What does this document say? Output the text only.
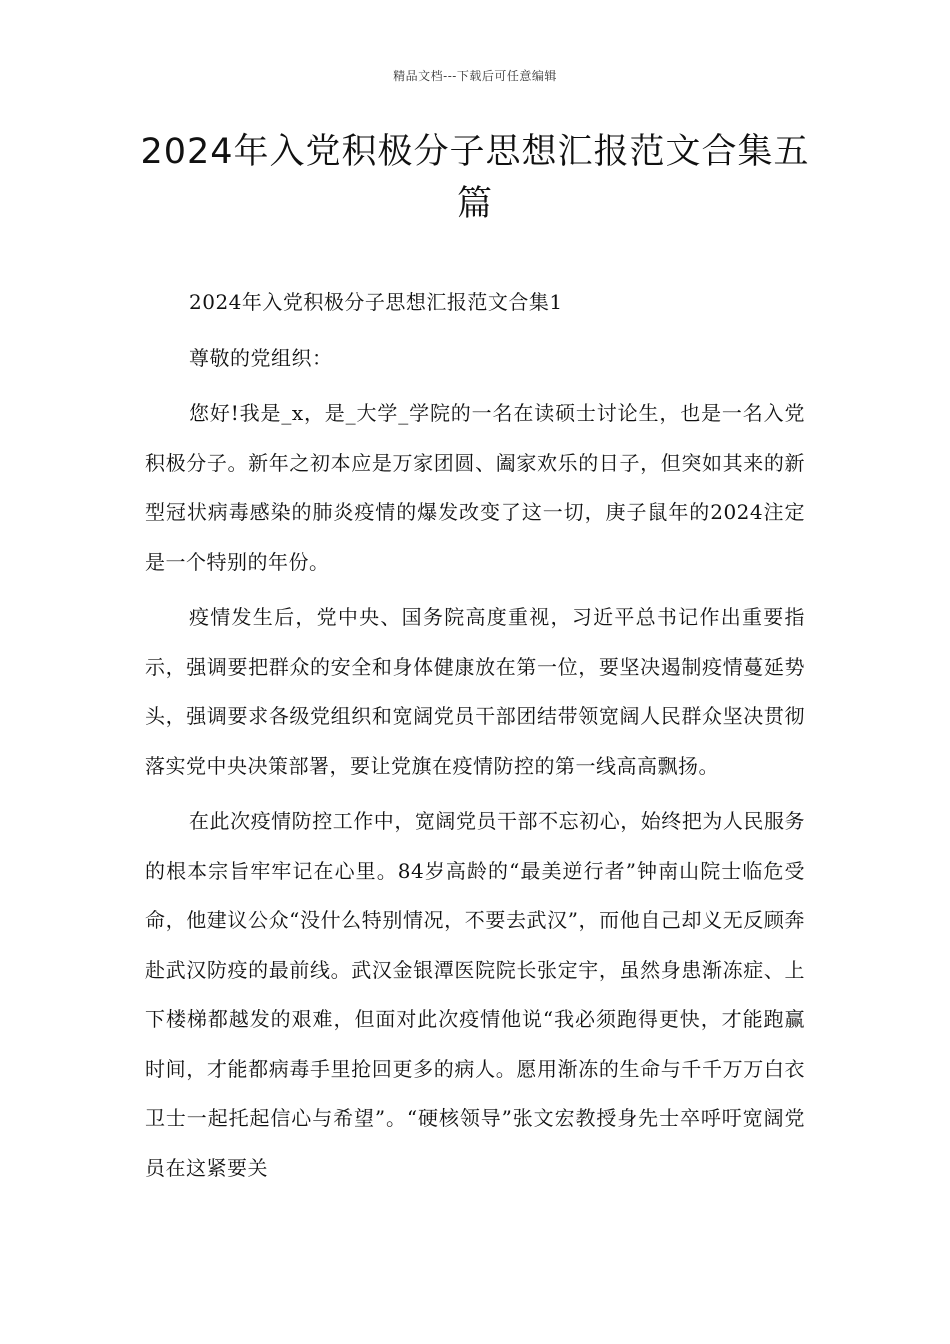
精品文档---下载后可任意编辑
2024年入党积极分子思想汇报范文合集五篇

2024年入党积极分子思想汇报范文合集1

尊敬的党组织：

您好!我是_x，是_大学_学院的一名在读硕士讨论生，也是一名入党积极分子。新年之初本应是万家团圆、阖家欢乐的日子，但突如其来的新型冠状病毒感染的肺炎疫情的爆发改变了这一切，庚子鼠年的2024注定是一个特别的年份。

疫情发生后，党中央、国务院高度重视，习近平总书记作出重要指示，强调要把群众的安全和身体健康放在第一位，要坚决遏制疫情蔓延势头，强调要求各级党组织和宽阔党员干部团结带领宽阔人民群众坚决贯彻落实党中央决策部署，要让党旗在疫情防控的第一线高高飘扬。

在此次疫情防控工作中，宽阔党员干部不忘初心，始终把为人民服务的根本宗旨牢牢记在心里。84岁高龄的“最美逆行者”钟南山院士临危受命，他建议公众“没什么特别情况，不要去武汉”，而他自己却义无反顾奔赴武汉防疫的最前线。武汉金银潭医院院长张定宇，虽然身患渐冻症、上下楼梯都越发的艰难，但面对此次疫情他说“我必须跑得更快，才能跑赢时间，才能都病毒手里抢回更多的病人。愿用渐冻的生命与千千万万白衣卫士一起托起信心与希望”。“硬核领导”张文宏教授身先士卒呼吁宽阔党员在这紧要关
